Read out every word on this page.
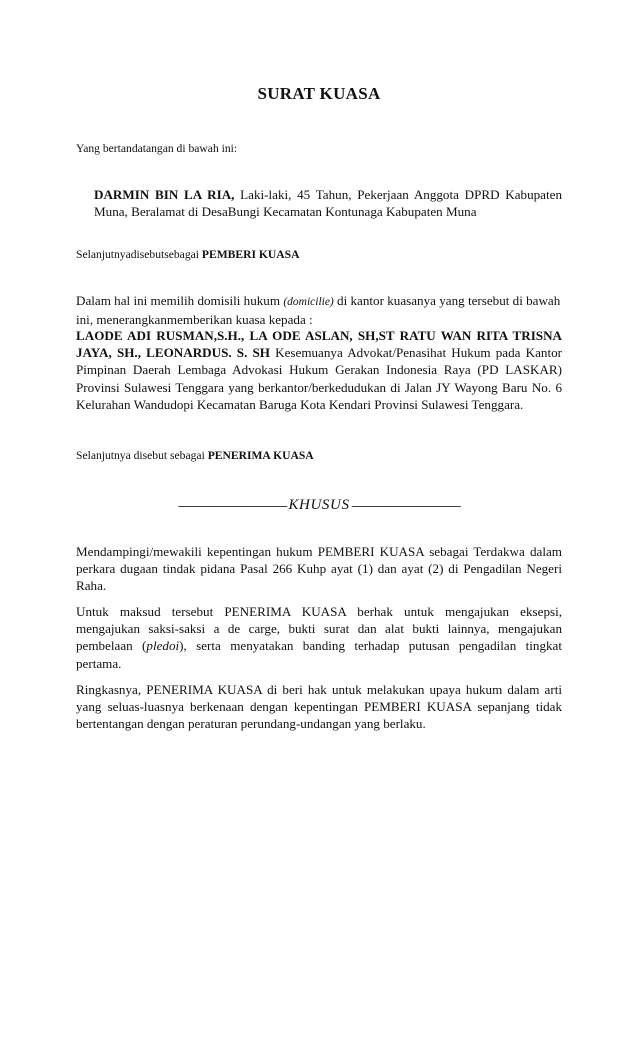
SURAT KUASA
Yang bertandatangan di bawah ini:
DARMIN BIN LA RIA, Laki-laki, 45 Tahun, Pekerjaan Anggota DPRD Kabupaten Muna, Beralamat di DesaBungi Kecamatan Kontunaga Kabupaten Muna
Selanjutnyadisebutsebagai PEMBERI KUASA
Dalam hal ini memilih domisili hukum (domicilie) di kantor kuasanya yang tersebut di bawah ini, menerangkanmemberikan kuasa kepada :
LAODE ADI RUSMAN,S.H., LA ODE ASLAN, SH,ST RATU WAN RITA TRISNA JAYA, SH., LEONARDUS. S. SH Kesemuanya Advokat/Penasihat Hukum pada Kantor Pimpinan Daerah Lembaga Advokasi Hukum Gerakan Indonesia Raya (PD LASKAR) Provinsi Sulawesi Tenggara yang berkantor/berkedudukan di Jalan JY Wayong Baru No. 6 Kelurahan Wandudopi Kecamatan Baruga Kota Kendari Provinsi Sulawesi Tenggara.
Selanjutnya disebut sebagai PENERIMA KUASA
-------------------------------------------- KHUSUS --------------------------------------------
Mendampingi/mewakili kepentingan hukum PEMBERI KUASA sebagai Terdakwa dalam perkara dugaan tindak pidana Pasal 266 Kuhp ayat (1) dan ayat (2) di Pengadilan Negeri Raha.
Untuk maksud tersebut PENERIMA KUASA berhak untuk mengajukan eksepsi, mengajukan saksi-saksi a de carge, bukti surat dan alat bukti lainnya, mengajukan pembelaan (pledoi), serta menyatakan banding terhadap putusan pengadilan tingkat pertama.
Ringkasnya, PENERIMA KUASA di beri hak untuk melakukan upaya hukum dalam arti yang seluas-luasnya berkenaan dengan kepentingan PEMBERI KUASA sepanjang tidak bertentangan dengan peraturan perundang-undangan yang berlaku.
